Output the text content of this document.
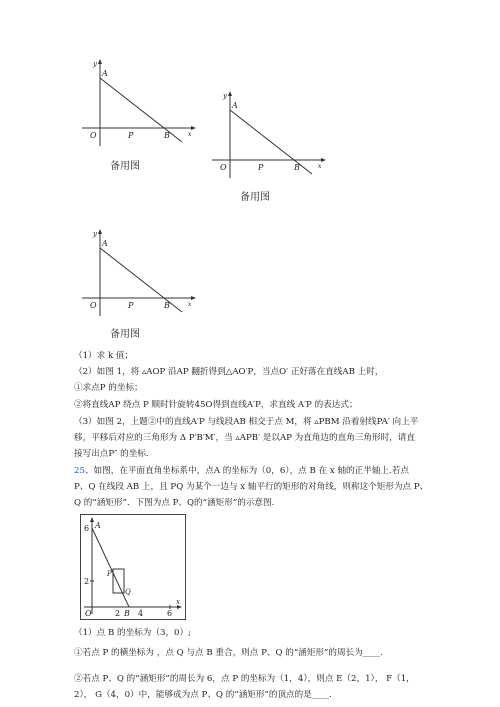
y
A
O	P	B	x
备用图
y
A
O	P	B	x
备用图
y
A
O	P	B	x
备用图
（1）求 k 值；
（2）如图 1，将 ▵AOP 沿AP 翻折得到△AO′P，当点O′ 正好落在直线AB 上时，
①求点P 的坐标；
②将直线AP 绕点 P 顺时针旋转45O得到直线A′P，求直线 A′P 的表达式；
（3）如图 2，上题②中的直线A′P 与线段AB 相交于点 M，将 ▵PBM 沿着射线PA′ 向上平
移，平移后对应的三角形为 Δ P′B′M′，当 ▵APB′ 是以AP 为直角边的直角三角形时，请直
接写出点P″ 的坐标.
25、如图，在平面直角坐标系中，点A 的坐标为（0，6），点 B 在 x 轴的正半轴上.若点
P、Q 在线段 AB 上，且 PQ 为某个一边与 x 轴平行的矩形的对角线，则称这个矩形为点 P、
Q 的“涵矩形”．下图为点 P、Q的“涵矩形”的示意图.
6 A
P
2
Q
O	2 B 4	6
x
（1）点 B 的坐标为（3，0）;
①若点 P 的横坐标为 ，点 Q 与点 B 重合，则点 P、Q 的“涵矩形”的周长为____.
②若点 P、Q 的“涵矩形”的周长为 6，点 P 的坐标为（1，4），则点 E（2，1）， F（1，
2）， G（4，0）中，能够成为点 P、Q 的“涵矩形”的顶点的是____.
